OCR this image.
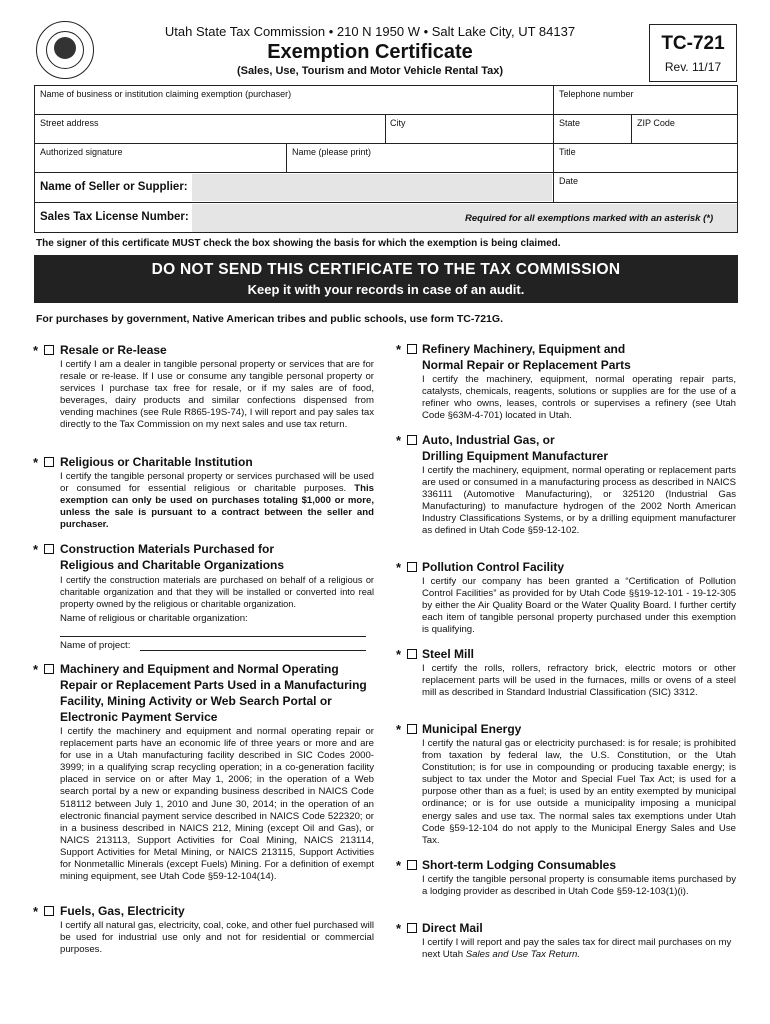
Utah State Tax Commission • 210 N 1950 W • Salt Lake City, UT 84137
Exemption Certificate
(Sales, Use, Tourism and Motor Vehicle Rental Tax)
TC-721
Rev. 11/17
Name of business or institution claiming exemption (purchaser)	Telephone number
Street address	City	State	ZIP Code
Authorized signature	Name (please print)	Title
Name of Seller or Supplier:	Date
Sales Tax License Number:	Required for all exemptions marked with an asterisk (*)
The signer of this certificate MUST check the box showing the basis for which the exemption is being claimed.
DO NOT SEND THIS CERTIFICATE TO THE TAX COMMISSION
Keep it with your records in case of an audit.
For purchases by government, Native American tribes and public schools, use form TC-721G.
* Resale or Re-lease
I certify I am a dealer in tangible personal property or services that are for resale or re-lease. If I use or consume any tangible personal property or services I purchase tax free for resale, or if my sales are of food, beverages, dairy products and similar confections dispensed from vending machines (see Rule R865-19S-74), I will report and pay sales tax directly to the Tax Commission on my next sales and use tax return.
* Religious or Charitable Institution
I certify the tangible personal property or services purchased will be used or consumed for essential religious or charitable purposes. This exemption can only be used on purchases totaling $1,000 or more, unless the sale is pursuant to a contract between the seller and purchaser.
* Construction Materials Purchased for
Religious and Charitable Organizations
I certify the construction materials are purchased on behalf of a religious or charitable organization and that they will be installed or converted into real property owned by the religious or charitable organization.
Name of religious or charitable organization:
Name of project:
* Machinery and Equipment and Normal Operating
Repair or Replacement Parts Used in a Manufacturing
Facility, Mining Activity or Web Search Portal or
Electronic Payment Service
I certify the machinery and equipment and normal operating repair or replacement parts have an economic life of three years or more and are for use in a Utah manufacturing facility described in SIC Codes 2000-3999; in a qualifying scrap recycling operation; in a co-generation facility placed in service on or after May 1, 2006; in the operation of a Web search portal by a new or expanding business described in NAICS Code 518112 between July 1, 2010 and June 30, 2014; in the operation of an electronic financial payment service described in NAICS Code 522320; or in a business described in NAICS 212, Mining (except Oil and Gas), or NAICS 213113, Support Activities for Coal Mining, NAICS 213114, Support Activities for Metal Mining, or NAICS 213115, Support Activities for Nonmetallic Minerals (except Fuels) Mining. For a definition of exempt mining equipment, see Utah Code §59-12-104(14).
* Fuels, Gas, Electricity
I certify all natural gas, electricity, coal, coke, and other fuel purchased will be used for industrial use only and not for residential or commercial purposes.
* Refinery Machinery, Equipment and
Normal Repair or Replacement Parts
I certify the machinery, equipment, normal operating repair parts, catalysts, chemicals, reagents, solutions or supplies are for the use of a refiner who owns, leases, controls or supervises a refinery (see Utah Code §63M-4-701) located in Utah.
* Auto, Industrial Gas, or
Drilling Equipment Manufacturer
I certify the machinery, equipment, normal operating or replacement parts are used or consumed in a manufacturing process as described in NAICS 336111 (Automotive Manufacturing), or 325120 (Industrial Gas Manufacturing) to manufacture hydrogen of the 2002 North American Industry Classifications Systems, or by a drilling equipment manufacturer as defined in Utah Code §59-12-102.
* Pollution Control Facility
I certify our company has been granted a “Certification of Pollution Control Facilities” as provided for by Utah Code §§19-12-101 - 19-12-305 by either the Air Quality Board or the Water Quality Board. I further certify each item of tangible personal property purchased under this exemption is qualifying.
* Steel Mill
I certify the rolls, rollers, refractory brick, electric motors or other replacement parts will be used in the furnaces, mills or ovens of a steel mill as described in Standard Industrial Classification (SIC) 3312.
* Municipal Energy
I certify the natural gas or electricity purchased: is for resale; is prohibited from taxation by federal law, the U.S. Constitution, or the Utah Constitution; is for use in compounding or producing taxable energy; is subject to tax under the Motor and Special Fuel Tax Act; is used for a purpose other than as a fuel; is used by an entity exempted by municipal ordinance; or is for use outside a municipality imposing a municipal energy sales and use tax. The normal sales tax exemptions under Utah Code §59-12-104 do not apply to the Municipal Energy Sales and Use Tax.
* Short-term Lodging Consumables
I certify the tangible personal property is consumable items purchased by a lodging provider as described in Utah Code §59-12-103(1)(i).
* Direct Mail
I certify I will report and pay the sales tax for direct mail purchases on my next Utah Sales and Use Tax Return.
